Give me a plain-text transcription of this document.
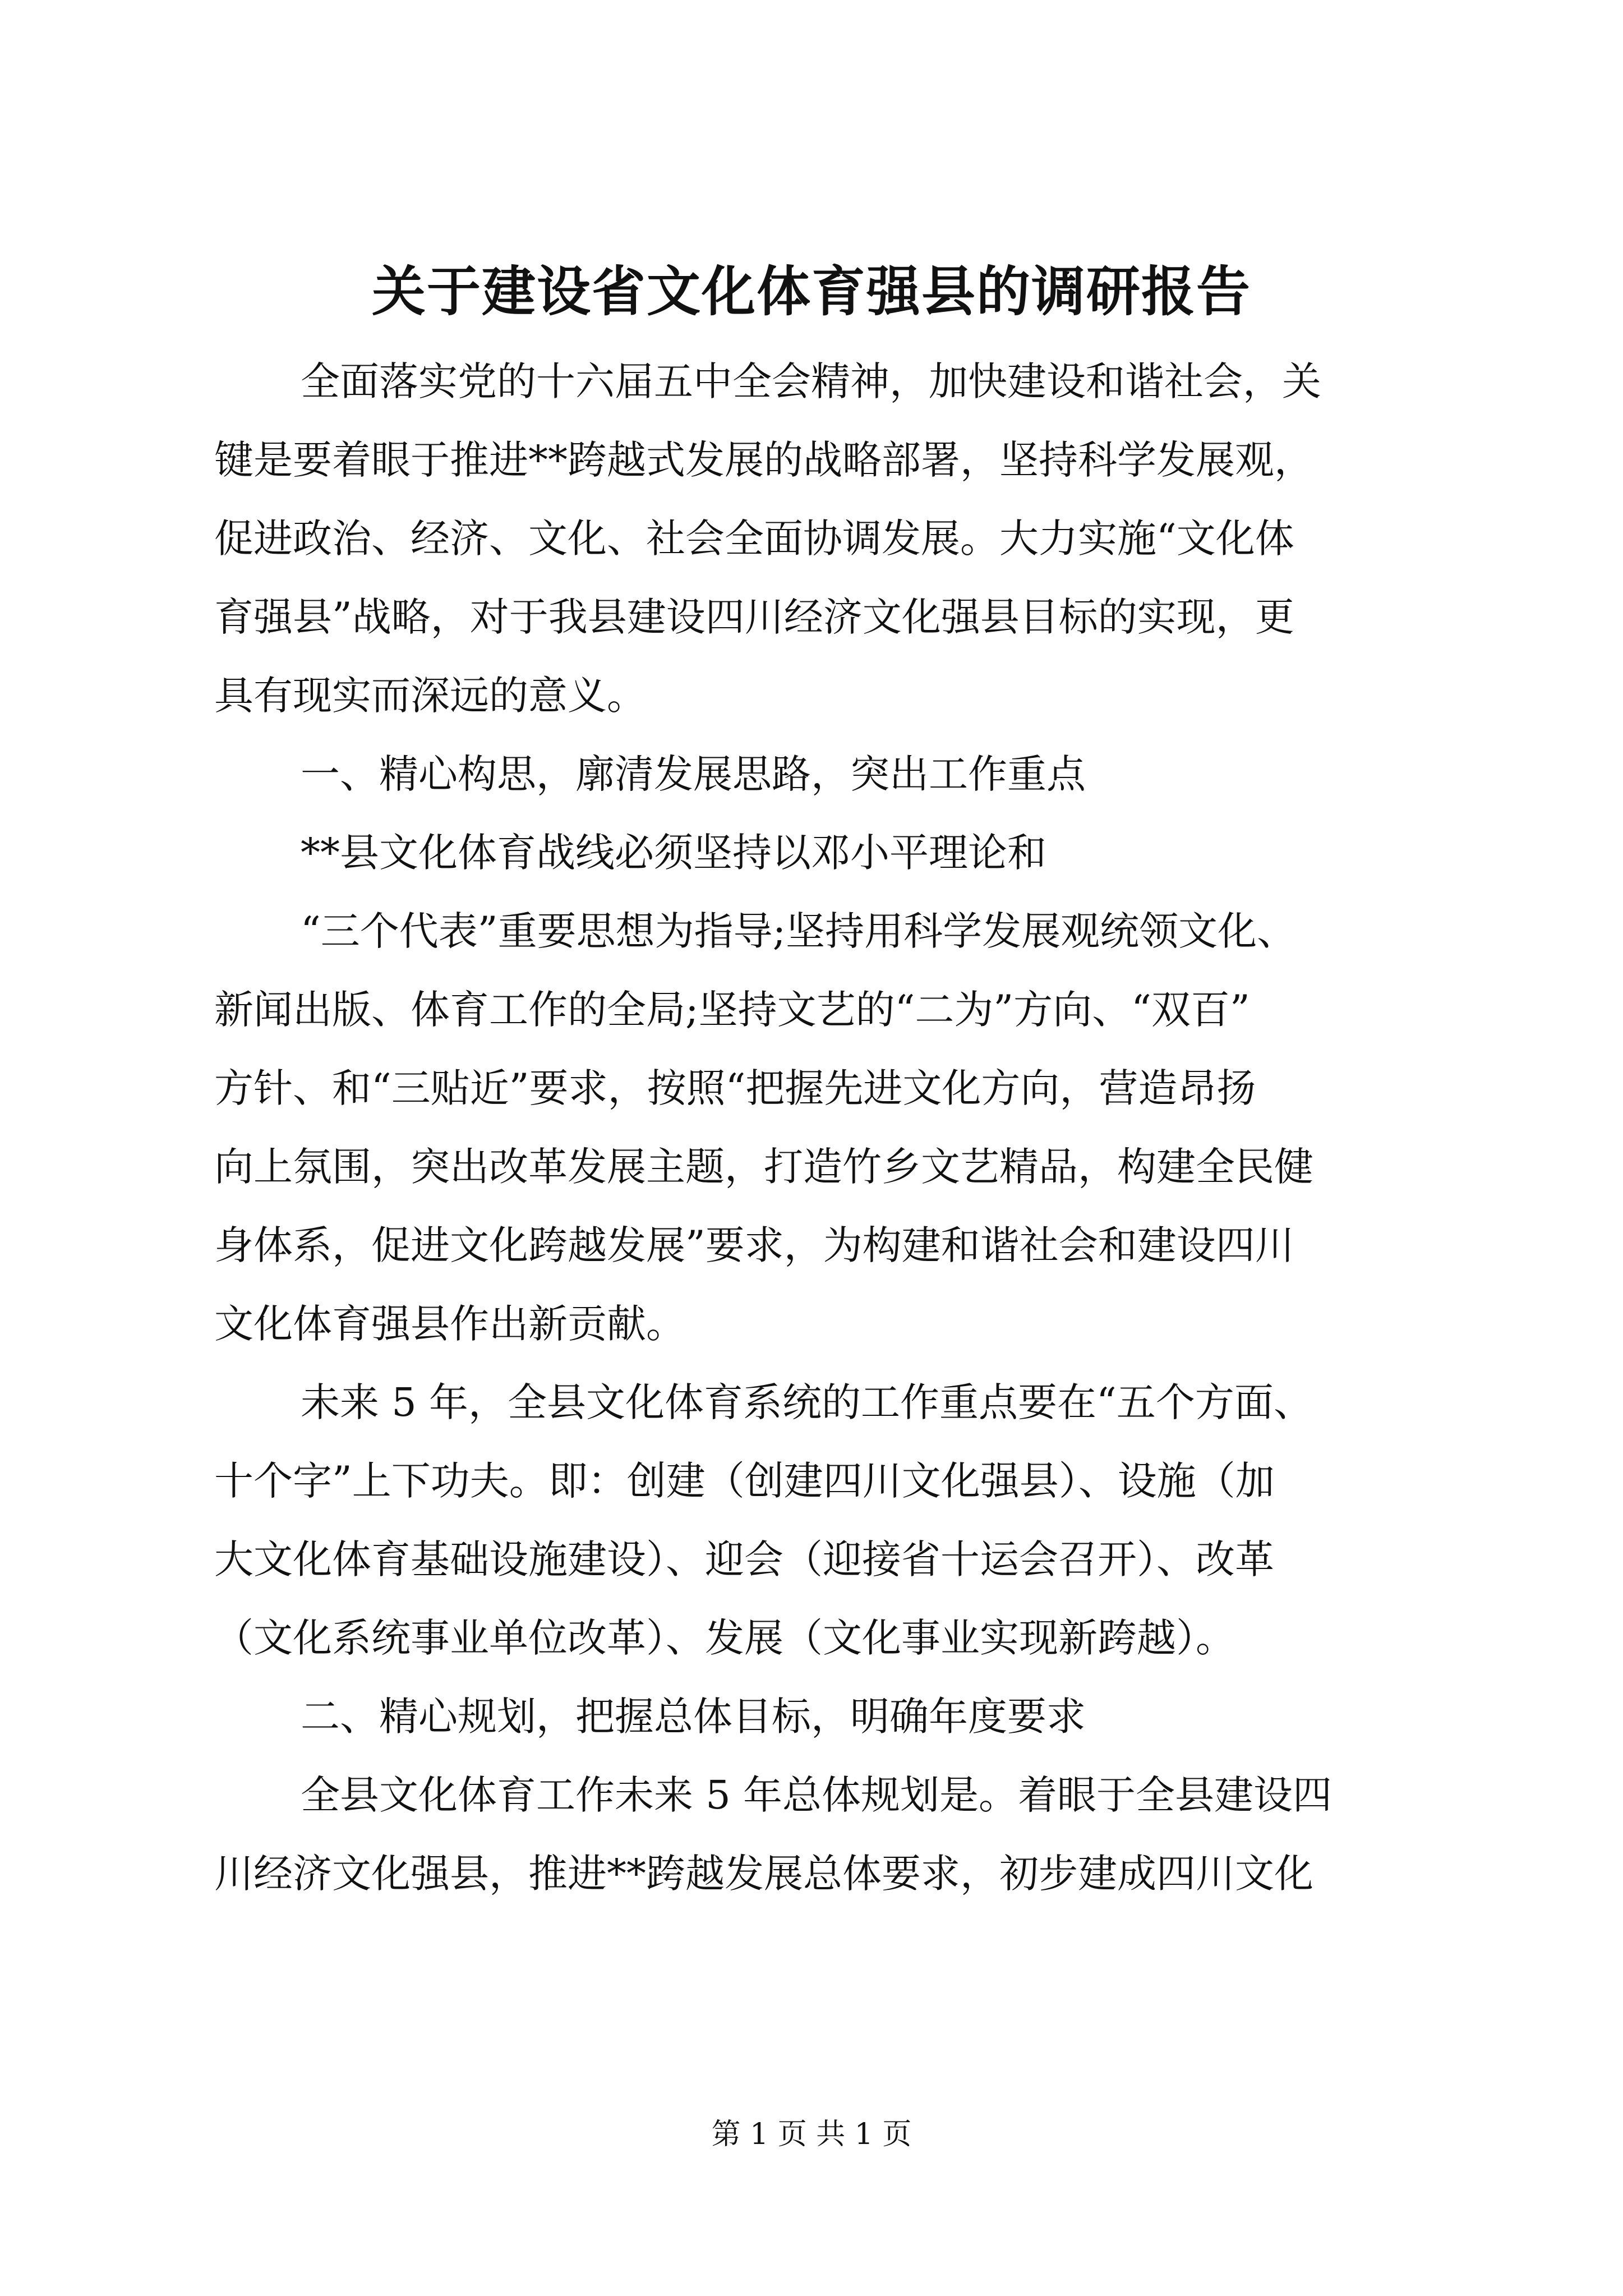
关于建设省文化体育强县的调研报告
全面落实党的十六届五中全会精神，加快建设和谐社会，关
键是要着眼于推进**跨越式发展的战略部署，坚持科学发展观，
促进政治、经济、文化、社会全面协调发展。大力实施“文化体
育强县”战略，对于我县建设四川经济文化强县目标的实现，更
具有现实而深远的意义。
一、精心构思，廓清发展思路，突出工作重点
**县文化体育战线必须坚持以邓小平理论和
“三个代表”重要思想为指导;坚持用科学发展观统领文化、
新闻出版、体育工作的全局;坚持文艺的“二为”方向、“双百”
方针、和“三贴近”要求，按照“把握先进文化方向，营造昂扬
向上氛围，突出改革发展主题，打造竹乡文艺精品，构建全民健
身体系，促进文化跨越发展”要求，为构建和谐社会和建设四川
文化体育强县作出新贡献。
未来 5 年，全县文化体育系统的工作重点要在“五个方面、
十个字”上下功夫。即：创建（创建四川文化强县）、设施（加
大文化体育基础设施建设）、迎会（迎接省十运会召开）、改革
（文化系统事业单位改革）、发展（文化事业实现新跨越）。
二、精心规划，把握总体目标，明确年度要求
全县文化体育工作未来 5 年总体规划是。着眼于全县建设四
川经济文化强县，推进**跨越发展总体要求，初步建成四川文化
第 1 页 共 1 页
